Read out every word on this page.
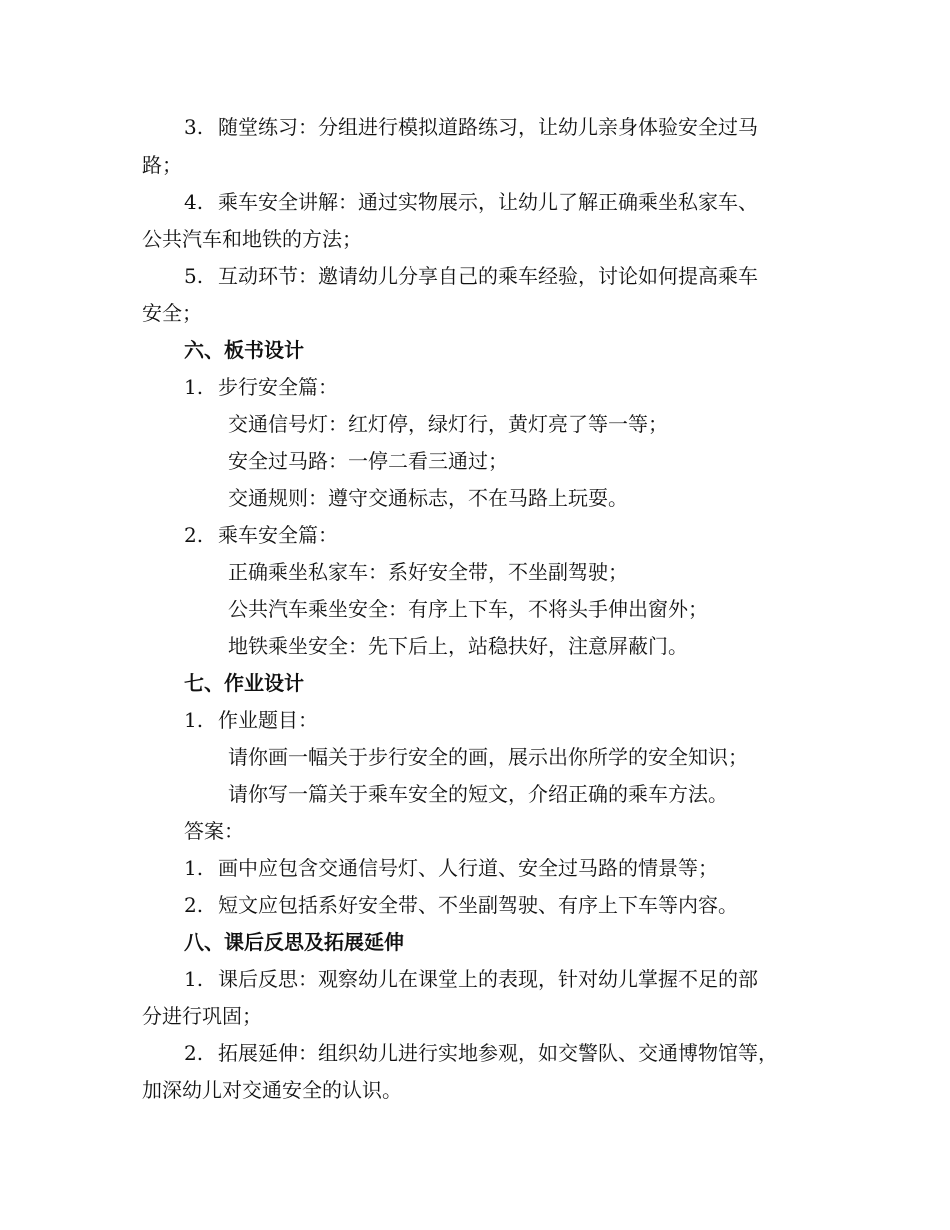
3. 随堂练习：分组进行模拟道路练习，让幼儿亲身体验安全过马
路；
4. 乘车安全讲解：通过实物展示，让幼儿了解正确乘坐私家车、
公共汽车和地铁的方法；
5. 互动环节：邀请幼儿分享自己的乘车经验，讨论如何提高乘车
安全；
六、板书设计
1. 步行安全篇：
交通信号灯：红灯停，绿灯行，黄灯亮了等一等；
安全过马路：一停二看三通过；
交通规则：遵守交通标志，不在马路上玩耍。
2. 乘车安全篇：
正确乘坐私家车：系好安全带，不坐副驾驶；
公共汽车乘坐安全：有序上下车，不将头手伸出窗外；
地铁乘坐安全：先下后上，站稳扶好，注意屏蔽门。
七、作业设计
1. 作业题目：
请你画一幅关于步行安全的画，展示出你所学的安全知识；
请你写一篇关于乘车安全的短文，介绍正确的乘车方法。
答案：
1. 画中应包含交通信号灯、人行道、安全过马路的情景等；
2. 短文应包括系好安全带、不坐副驾驶、有序上下车等内容。
八、课后反思及拓展延伸
1. 课后反思：观察幼儿在课堂上的表现，针对幼儿掌握不足的部
分进行巩固；
2. 拓展延伸：组织幼儿进行实地参观，如交警队、交通博物馆等，
加深幼儿对交通安全的认识。
